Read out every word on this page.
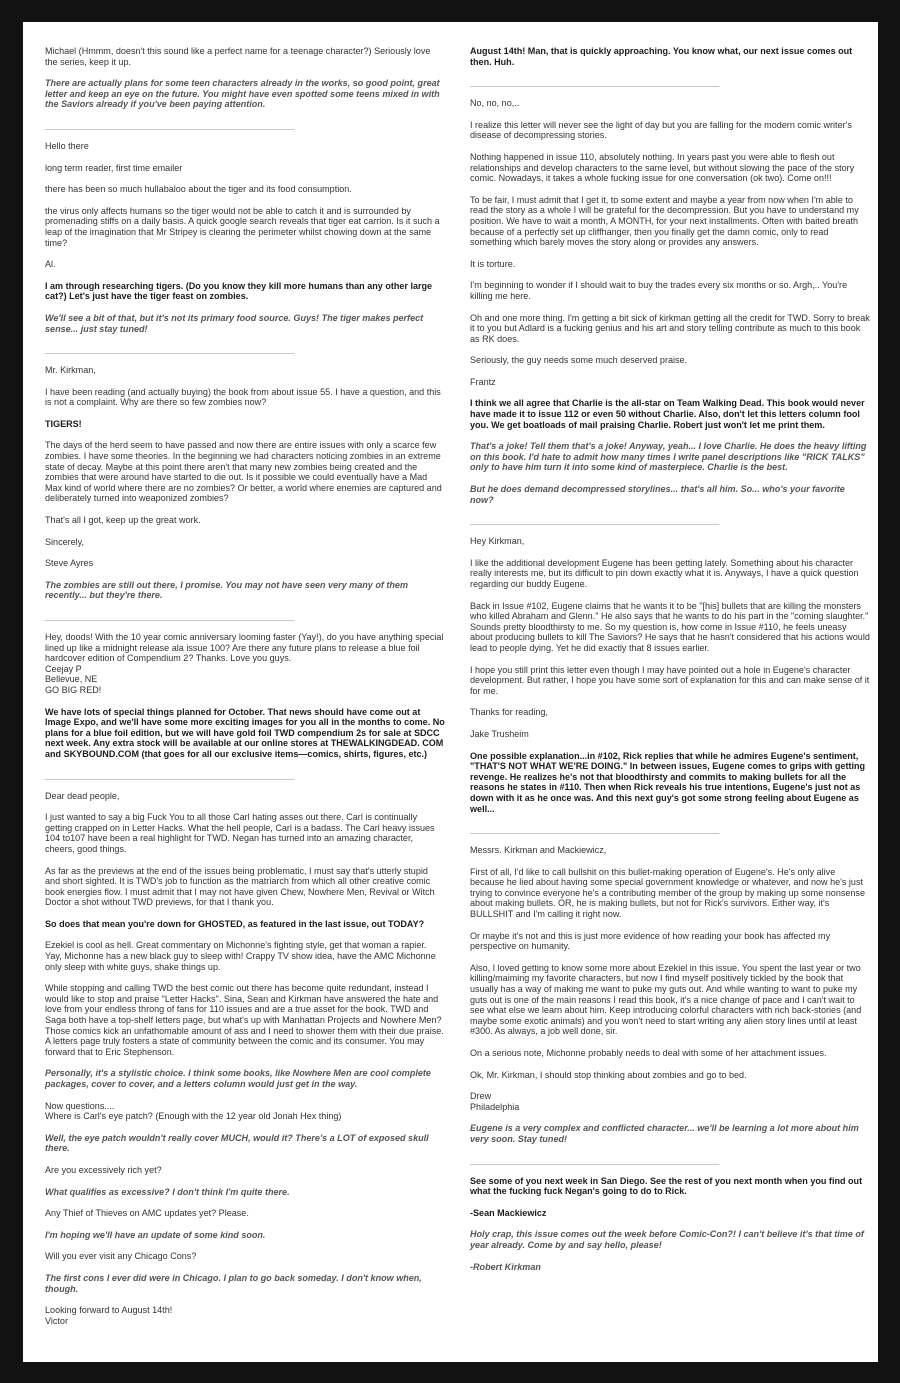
Michael (Hmmm, doesn't this sound like a perfect name for a teenage character?) Seriously love the series, keep it up.

There are actually plans for some teen characters already in the works, so good point, great letter and keep an eye on the future. You might have even spotted some teens mixed in with the Saviors already if you've been paying attention.

____________________________________________________________

Hello there

long term reader, first time emailer

there has been so much hullabaloo about the tiger and its food consumption.

the virus only affects humans so the tiger would not be able to catch it and is surrounded by promenading stiffs on a daily basis. A quick google search reveals that tiger eat carrion. Is it such a leap of the imagination that Mr Stripey is clearing the perimeter whilst chowing down at the same time?

Al.

I am through researching tigers. (Do you know they kill more humans than any other large cat?) Let's just have the tiger feast on zombies.

We'll see a bit of that, but it's not its primary food source. Guys! The tiger makes perfect sense... just stay tuned!

____________________________________________________________

Mr. Kirkman,

I have been reading (and actually buying) the book from about issue 55. I have a question, and this is not a complaint. Why are there so few zombies now?

TIGERS!

The days of the herd seem to have passed and now there are entire issues with only a scarce few zombies. I have some theories. In the beginning we had characters noticing zombies in an extreme state of decay. Maybe at this point there aren't that many new zombies being created and the zombies that were around have started to die out. Is it possible we could eventually have a Mad Max kind of world where there are no zombies? Or better, a world where enemies are captured and deliberately turned into weaponized zombies?

That's all I got, keep up the great work.

Sincerely,

Steve Ayres

The zombies are still out there, I promise. You may not have seen very many of them recently... but they're there.

____________________________________________________________

Hey, doods! With the 10 year comic anniversary looming faster (Yay!), do you have anything special lined up like a midnight release ala issue 100? Are there any future plans to release a blue foil hardcover edition of Compendium 2? Thanks. Love you guys.
Ceejay P
Bellevue, NE
GO BIG RED!

We have lots of special things planned for October. That news should have come out at Image Expo, and we'll have some more exciting images for you all in the months to come. No plans for a blue foil edition, but we will have gold foil TWD compendium 2s for sale at SDCC next week. Any extra stock will be available at our online stores at THEWALKINGDEAD. COM and SKYBOUND.COM (that goes for all our exclusive items—comics, shirts, figures, etc.)

____________________________________________________________

Dear dead people,

I just wanted to say a big Fuck You to all those Carl hating asses out there. Carl is continually getting crapped on in Letter Hacks. What the hell people, Carl is a badass. The Carl heavy issues 104 to107 have been a real highlight for TWD. Negan has turned into an amazing character, cheers, good things.

As far as the previews at the end of the issues being problematic, I must say that's utterly stupid and short sighted. It is TWD's job to function as the matriarch from which all other creative comic book energies flow. I must admit that I may not have given Chew, Nowhere Men, Revival or Witch Doctor a shot without TWD previews, for that I thank you.

So does that mean you're down for GHOSTED, as featured in the last issue, out TODAY?

Ezekiel is cool as hell. Great commentary on Michonne's fighting style, get that woman a rapier. Yay, Michonne has a new black guy to sleep with! Crappy TV show idea, have the AMC Michonne only sleep with white guys, shake things up.

While stopping and calling TWD the best comic out there has become quite redundant, instead I would like to stop and praise "Letter Hacks". Sina, Sean and Kirkman have answered the hate and love from your endless throng of fans for 110 issues and are a true asset for the book. TWD and Saga both have a top-shelf letters page, but what's up with Manhattan Projects and Nowhere Men? Those comics kick an unfathomable amount of ass and I need to shower them with their due praise. A letters page truly fosters a state of community between the comic and its consumer. You may forward that to Eric Stephenson.

Personally, it's a stylistic choice. I think some books, like Nowhere Men are cool complete packages, cover to cover, and a letters column would just get in the way.

Now questions....
Where is Carl's eye patch? (Enough with the 12 year old Jonah Hex thing)

Well, the eye patch wouldn't really cover MUCH, would it? There's a LOT of exposed skull there.

Are you excessively rich yet?

What qualifies as excessive? I don't think I'm quite there.

Any Thief of Thieves on AMC updates yet? Please.

I'm hoping we'll have an update of some kind soon.

Will you ever visit any Chicago Cons?

The first cons I ever did were in Chicago. I plan to go back someday. I don't know when, though.

Looking forward to August 14th!
Victor

August 14th! Man, that is quickly approaching. You know what, our next issue comes out then. Huh.

____________________________________________________________

No, no, no,..

I realize this letter will never see the light of day but you are falling for the modern comic writer's disease of decompressing stories.

Nothing happened in issue 110, absolutely nothing. In years past you were able to flesh out relationships and develop characters to the same level, but without slowing the pace of the story comic. Nowadays, it takes a whole fucking issue for one conversation (ok two). Come on!!!

To be fair, I must admit that I get it, to some extent and maybe a year from now when I'm able to read the story as a whole I will be grateful for the decompression. But you have to understand my position. We have to wait a month, A MONTH, for your next installments. Often with baited breath because of a perfectly set up cliffhanger, then you finally get the damn comic, only to read something which barely moves the story along or provides any answers.

It is torture.

I'm beginning to wonder if I should wait to buy the trades every six months or so. Argh,.. You're killing me here.

Oh and one more thing. I'm getting a bit sick of kirkman getting all the credit for TWD. Sorry to break it to you but Adlard is a fucking genius and his art and story telling contribute as much to this book as RK does.

Seriously, the guy needs some much deserved praise.

Frantz

I think we all agree that Charlie is the all-star on Team Walking Dead. This book would never have made it to issue 112 or even 50 without Charlie. Also, don't let this letters column fool you. We get boatloads of mail praising Charlie. Robert just won't let me print them.

That's a joke! Tell them that's a joke! Anyway, yeah... I love Charlie. He does the heavy lifting on this book. I'd hate to admit how many times I write panel descriptions like "RICK TALKS" only to have him turn it into some kind of masterpiece. Charlie is the best.

But he does demand decompressed storylines... that's all him. So... who's your favorite now?

____________________________________________________________

Hey Kirkman,

I like the additional development Eugene has been getting lately. Something about his character really interests me, but its difficult to pin down exactly what it is. Anyways, I have a quick question regarding our buddy Eugene.

Back in Issue #102, Eugene claims that he wants it to be "[his] bullets that are killing the monsters who killed Abraham and Glenn." He also says that he wants to do his part in the "coming slaughter." Sounds pretty bloodthirsty to me. So my question is, how come in Issue #110, he feels uneasy about producing bullets to kill The Saviors? He says that he hasn't considered that his actions would lead to people dying. Yet he did exactly that 8 issues earlier.

I hope you still print this letter even though I may have pointed out a hole in Eugene's character development. But rather, I hope you have some sort of explanation for this and can make sense of it for me.

Thanks for reading,

Jake Trusheim

One possible explanation...in #102, Rick replies that while he admires Eugene's sentiment, "THAT'S NOT WHAT WE'RE DOING." In between issues, Eugene comes to grips with getting revenge. He realizes he's not that bloodthirsty and commits to making bullets for all the reasons he states in #110. Then when Rick reveals his true intentions, Eugene's just not as down with it as he once was. And this next guy's got some strong feeling about Eugene as well...

____________________________________________________________

Messrs. Kirkman and Mackiewicz,

First of all, I'd like to call bullshit on this bullet-making operation of Eugene's. He's only alive because he lied about having some special government knowledge or whatever, and now he's just trying to convince everyone he's a contributing member of the group by making up some nonsense about making bullets. OR, he is making bullets, but not for Rick's survivors. Either way, it's BULLSHIT and I'm calling it right now.

Or maybe it's not and this is just more evidence of how reading your book has affected my perspective on humanity.

Also, I loved getting to know some more about Ezekiel in this issue. You spent the last year or two killing/maiming my favorite characters, but now I find myself positively tickled by the book that usually has a way of making me want to puke my guts out. And while wanting to want to puke my guts out is one of the main reasons I read this book, it's a nice change of pace and I can't wait to see what else we learn about him. Keep introducing colorful characters with rich back-stories (and maybe some exotic animals) and you won't need to start writing any alien story lines until at least #300. As always, a job well done, sir.

On a serious note, Michonne probably needs to deal with some of her attachment issues.

Ok, Mr. Kirkman, I should stop thinking about zombies and go to bed.

Drew
Philadelphia

Eugene is a very complex and conflicted character... we'll be learning a lot more about him very soon. Stay tuned!

____________________________________________________________

See some of you next week in San Diego. See the rest of you next month when you find out what the fucking fuck Negan's going to do to Rick.

-Sean Mackiewicz

Holy crap, this issue comes out the week before Comic-Con?! I can't believe it's that time of year already. Come by and say hello, please!

-Robert Kirkman
